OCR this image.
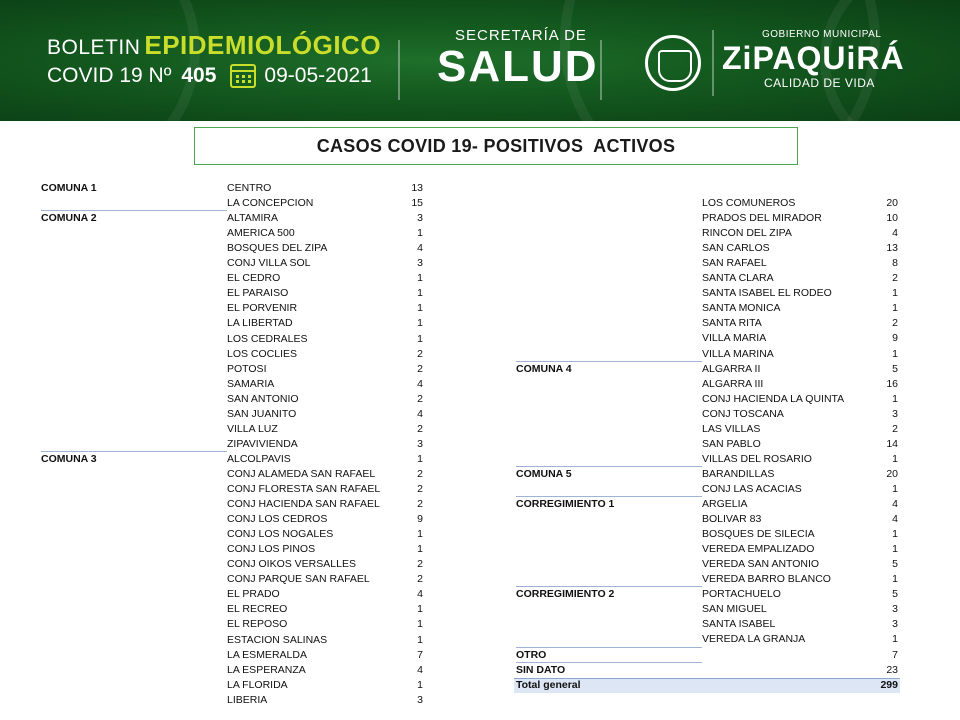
BOLETIN EPIDEMIOLÓGICO
COVID 19 Nº 405 09-05-2021
SECRETARÍA DE
SALUD
GOBIERNO MUNICIPAL
ZiPAQUiRÁ
CALIDAD DE VIDA
CASOS COVID 19- POSITIVOS  ACTIVOS
COMUNA 1	CENTRO	13
LA CONCEPCION	15
COMUNA 2	ALTAMIRA	3
AMERICA 500	1
BOSQUES DEL ZIPA	4
CONJ VILLA SOL	3
EL CEDRO	1
EL PARAISO	1
EL PORVENIR	1
LA LIBERTAD	1
LOS CEDRALES	1
LOS COCLIES	2
POTOSI	2
SAMARIA	4
SAN ANTONIO	2
SAN JUANITO	4
VILLA LUZ	2
ZIPAVIVIENDA	3
COMUNA 3	ALCOLPAVIS	1
CONJ ALAMEDA SAN RAFAEL	2
CONJ FLORESTA SAN RAFAEL	2
CONJ HACIENDA SAN RAFAEL	2
CONJ LOS CEDROS	9
CONJ LOS NOGALES	1
CONJ LOS PINOS	1
CONJ OIKOS VERSALLES	2
CONJ PARQUE SAN RAFAEL	2
EL PRADO	4
EL RECREO	1
EL REPOSO	1
ESTACION SALINAS	1
LA ESMERALDA	7
LA ESPERANZA	4
LA FLORIDA	1
LIBERIA	3
LOS COMUNEROS	20
PRADOS DEL MIRADOR	10
RINCON DEL ZIPA	4
SAN CARLOS	13
SAN RAFAEL	8
SANTA CLARA	2
SANTA ISABEL EL RODEO	1
SANTA MONICA	1
SANTA RITA	2
VILLA MARIA	9
VILLA MARINA	1
COMUNA 4	ALGARRA II	5
ALGARRA III	16
CONJ HACIENDA LA QUINTA	1
CONJ TOSCANA	3
LAS VILLAS	2
SAN PABLO	14
VILLAS DEL ROSARIO	1
COMUNA 5	BARANDILLAS	20
CONJ LAS ACACIAS	1
CORREGIMIENTO 1	ARGELIA	4
BOLIVAR 83	4
BOSQUES DE SILECIA	1
VEREDA EMPALIZADO	1
VEREDA SAN ANTONIO	5
VEREDA BARRO BLANCO	1
CORREGIMIENTO 2	PORTACHUELO	5
SAN MIGUEL	3
SANTA ISABEL	3
VEREDA LA GRANJA	1
OTRO	7
SIN DATO	23
Total general	299
